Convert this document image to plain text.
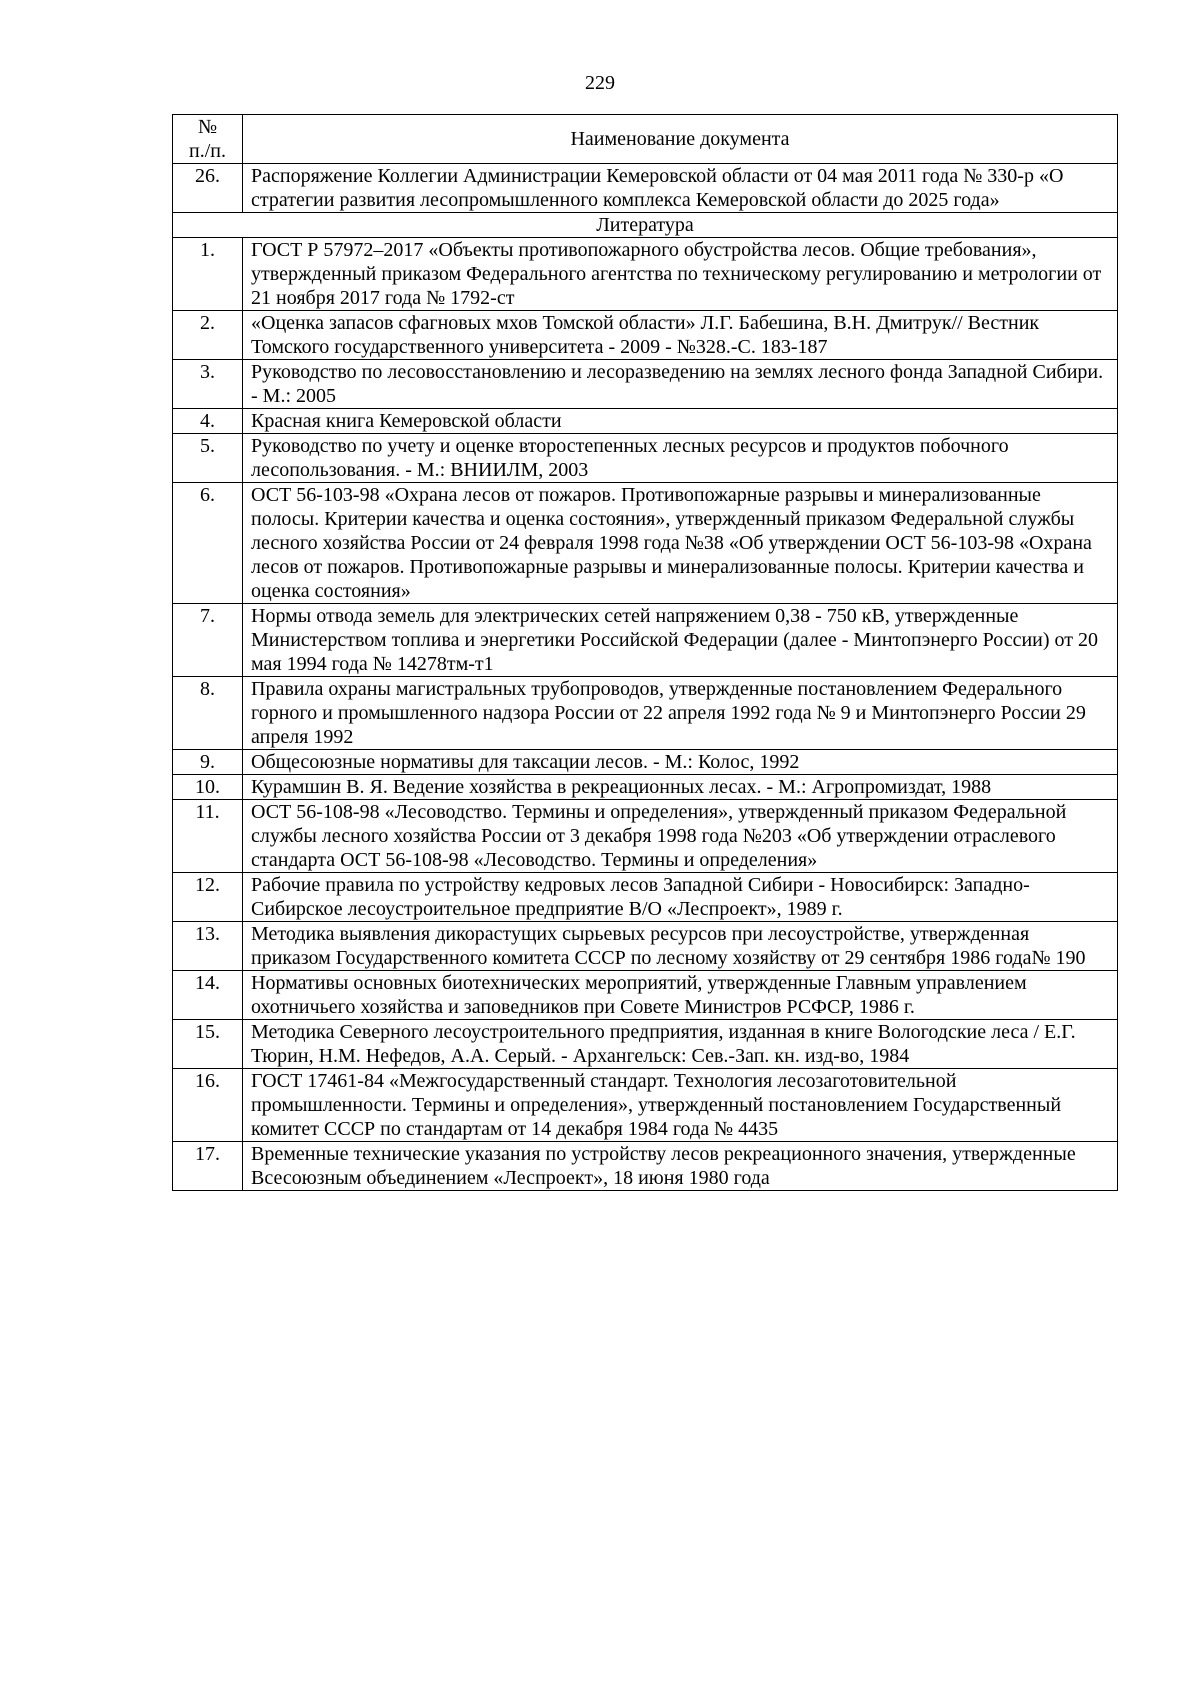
229
№
п./п.	Наименование документа
26.	Распоряжение Коллегии Администрации Кемеровской области от 04 мая 2011 года № 330-р «О стратегии развития лесопромышленного комплекса Кемеровской области до 2025 года»
Литература	
1.	ГОСТ Р 57972–2017 «Объекты противопожарного обустройства лесов. Общие требования», утвержденный приказом Федерального агентства по техническому регулированию и метрологии от 21 ноября 2017 года № 1792-ст
2.	«Оценка запасов сфагновых мхов Томской области» Л.Г. Бабешина, В.Н. Дмитрук// Вестник Томского государственного университета - 2009 - №328.-С. 183-187
3.	Руководство по лесовосстановлению и лесоразведению на землях лесного фонда Западной Сибири. - М.: 2005
4.	Красная книга Кемеровской области
5.	Руководство по учету и оценке второстепенных лесных ресурсов и продуктов побочного лесопользования. - М.: ВНИИЛМ, 2003
6.	ОСТ 56-103-98 «Охрана лесов от пожаров. Противопожарные разрывы и минерализованные полосы. Критерии качества и оценка состояния», утвержденный приказом Федеральной службы лесного хозяйства России от 24 февраля 1998 года №38 «Об утверждении ОСТ 56-103-98 «Охрана лесов от пожаров. Противопожарные разрывы и минерализованные полосы. Критерии качества и оценка состояния»
7.	Нормы отвода земель для электрических сетей напряжением 0,38 - 750 кВ, утвержденные Министерством топлива и энергетики Российской Федерации (далее - Минтопэнерго России) от 20 мая 1994 года № 14278тм-т1
8.	Правила охраны магистральных трубопроводов, утвержденные постановлением Федерального горного и промышленного надзора России от 22 апреля 1992 года № 9 и Минтопэнерго России 29 апреля 1992
9.	Общесоюзные нормативы для таксации лесов. - М.: Колос, 1992
10.	Курамшин В. Я. Ведение хозяйства в рекреационных лесах. - М.: Агропромиздат, 1988
11.	ОСТ 56-108-98 «Лесоводство. Термины и определения», утвержденный приказом Федеральной службы лесного хозяйства России от 3 декабря 1998 года №203 «Об утверждении отраслевого стандарта ОСТ 56-108-98 «Лесоводство. Термины и определения»
12.	Рабочие правила по устройству кедровых лесов Западной Сибири - Новосибирск: Западно-Сибирское лесоустроительное предприятие В/О «Леспроект», 1989 г.
13.	Методика выявления дикорастущих сырьевых ресурсов при лесоустройстве, утвержденная приказом Государственного комитета СССР по лесному хозяйству от 29 сентября 1986 года№ 190
14.	Нормативы основных биотехнических мероприятий, утвержденные Главным управлением охотничьего хозяйства и заповедников при Совете Министров РСФСР, 1986 г.
15.	Методика Северного лесоустроительного предприятия, изданная в книге Вологодские леса / Е.Г. Тюрин, Н.М. Нефедов, А.А. Серый. - Архангельск: Сев.-Зап. кн. изд-во, 1984
16.	ГОСТ 17461-84 «Межгосударственный стандарт. Технология лесозаготовительной промышленности. Термины и определения», утвержденный постановлением Государственный комитет СССР по стандартам от 14 декабря 1984 года № 4435
17.	Временные технические указания по устройству лесов рекреационного значения, утвержденные Всесоюзным объединением «Леспроект», 18 июня 1980 года
